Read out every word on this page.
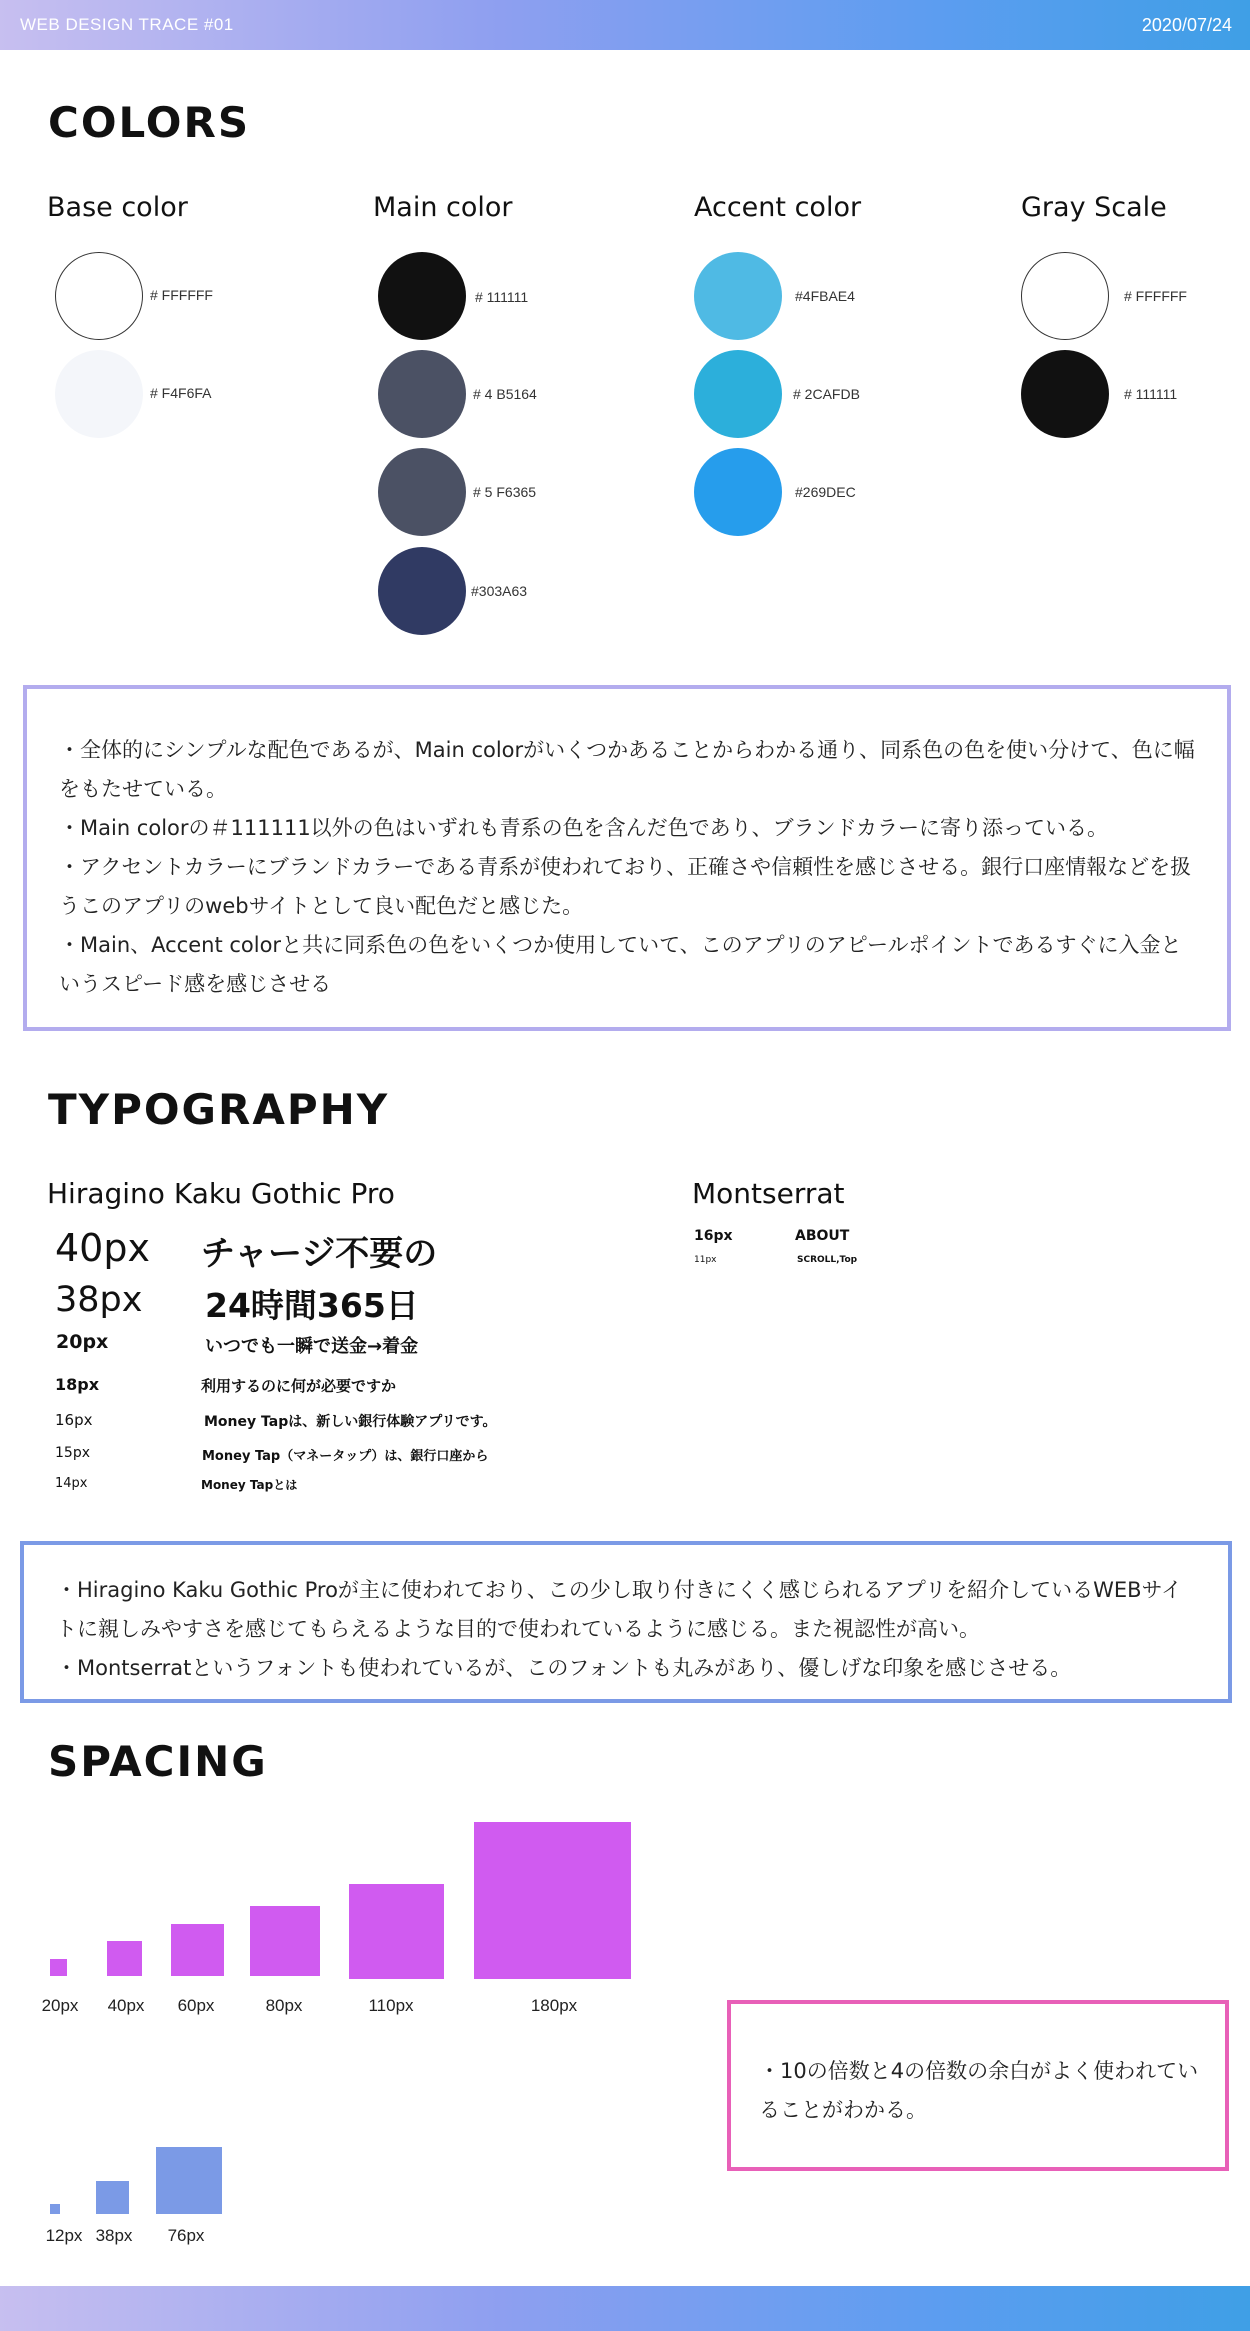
WEB DESIGN TRACE #01	2020/07/24
COLORS
Base color	Main color	Accent color	Gray Scale
# FFFFFF
# F4F6FA
# 111111
# 4 B5164
# 5 F6365
#303A63
#4FBAE4
# 2CAFDB
#269DEC
# FFFFFF
# 111111

・全体的にシンプルな配色であるが、Main colorがいくつかあることからわかる通り、同系色の色を使い分けて、色に幅をもたせている。

・Main colorの＃111111以外の色はいずれも青系の色を含んだ色であり、ブランドカラーに寄り添っている。

・アクセントカラーにブランドカラーである青系が使われており、正確さや信頼性を感じさせる。銀行口座情報などを扱うこのアプリのwebサイトとして良い配色だと感じた。

・Main、Accent colorと共に同系色の色をいくつか使用していて、このアプリのアピールポイントであるすぐに入金というスピード感を感じさせる

TYPOGRAPHY
Hiragino Kaku Gothic Pro	Montserrat
40px チャージ不要の
38px 24時間365日
20px	いつでも一瞬で送金→着金
18px	利用するのに何が必要ですか
16px	Money Tapは、新しい銀行体験アプリです。
15px	Money Tap（マネータップ）は、銀行口座から
14px	Money Tapとは
16px	ABOUT
11px	SCROLL,Top

・Hiragino Kaku Gothic Proが主に使われており、この少し取り付きにくく感じられるアプリを紹介しているWEBサイトに親しみやすさを感じてもらえるような目的で使われているように感じる。また視認性が高い。

・Montserratというフォントも使われているが、このフォントも丸みがあり、優しげな印象を感じさせる。

SPACING
20px 40px 60px	80px	110px	180px
12px 38px 76px

・10の倍数と4の倍数の余白がよく使われていることがわかる。
